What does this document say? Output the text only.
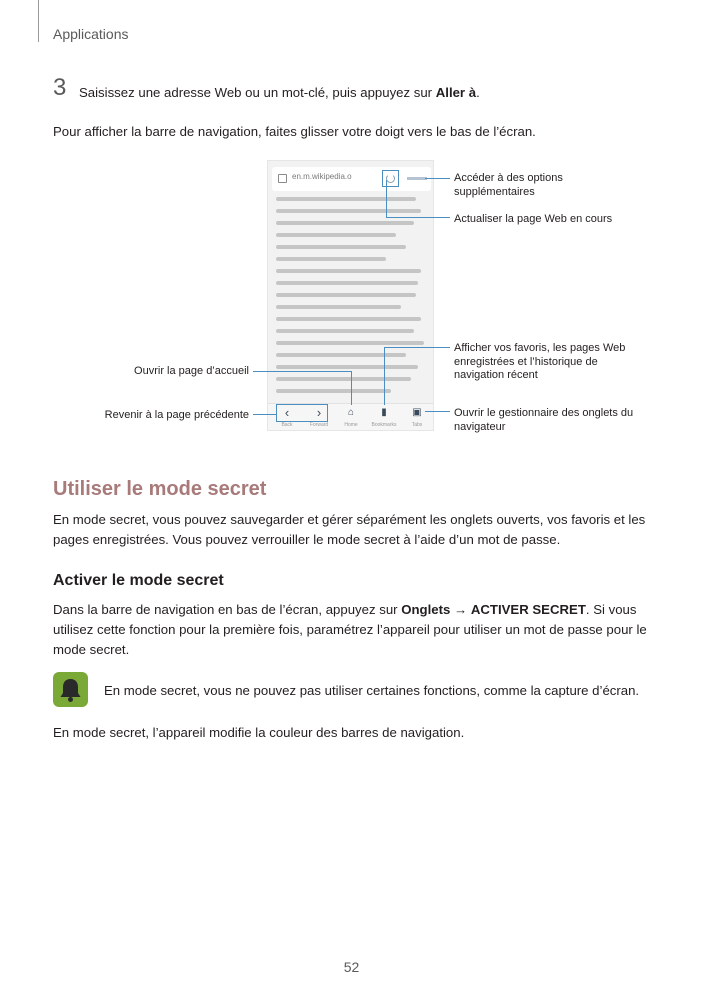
Applications
3 Saisissez une adresse Web ou un mot-clé, puis appuyez sur Aller à.
Pour afficher la barre de navigation, faites glisser votre doigt vers le bas de l’écran.
en.m.wikipedia.o
‹	›	⌂	▮	▣
Back	Forward	Home	Bookmarks	Tabs
Accéder à des options supplémentaires
Actualiser la page Web en cours
Afficher vos favoris, les pages Web enregistrées et l’historique de navigation récent
Ouvrir la page d’accueil
Revenir à la page précédente	Ouvrir le gestionnaire des onglets du navigateur
Utiliser le mode secret
En mode secret, vous pouvez sauvegarder et gérer séparément les onglets ouverts, vos favoris et les pages enregistrées. Vous pouvez verrouiller le mode secret à l’aide d’un mot de passe.
Activer le mode secret
Dans la barre de navigation en bas de l’écran, appuyez sur Onglets → ACTIVER SECRET. Si vous utilisez cette fonction pour la première fois, paramétrez l’appareil pour utiliser un mot de passe pour le mode secret.
En mode secret, vous ne pouvez pas utiliser certaines fonctions, comme la capture d’écran.
En mode secret, l’appareil modifie la couleur des barres de navigation.
52
